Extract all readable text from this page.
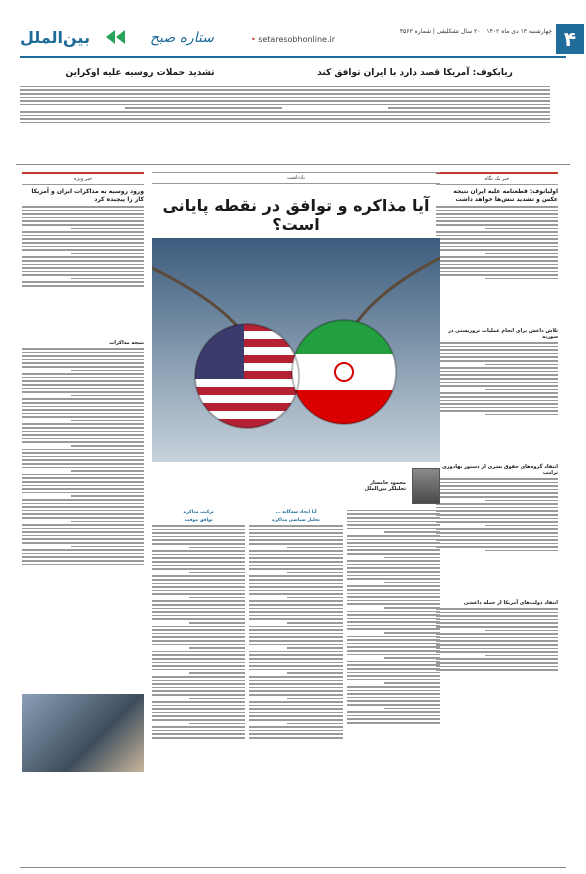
۴
چهارشنبه ۱۳ دی ماه ۱۴۰۲ ۲۰ سال تشکلیفی | شماره ۴۵۶۳
• setaresobhonline.ir
ستاره صبح
بین‌الملل
ریابکوف: آمریکا قصد دارد با ایران توافق کند
تشدید حملات روسیه علیه اوکراین
خبر یک نگاه
اولیانوف: قطعنامه علیه ایران نتیجه عکس و تشدید تنش‌ها خواهد داشت
تلاش داعش برای انجام عملیات تروریستی در سوریه
انتقاد گروه‌های حقوق بشری از دستور بهادوری ترامپ
انتقاد دولت‌های آمریکا از حمله داعشی
خبر ویژه
ورود روسیه به مذاکرات ایران و آمریکا کار را پیچیده کرد
نتیجه مذاکرات
یادداشت
آیا مذاکره و توافق در نقطه پایانی است؟
محمود جامساز
تحلیلگر بین‌الملل
آیا ایجاد سه‌گانه ...
تحلیل سیاسی مذاکره
ترکیب مذاکره
توافق موقت
